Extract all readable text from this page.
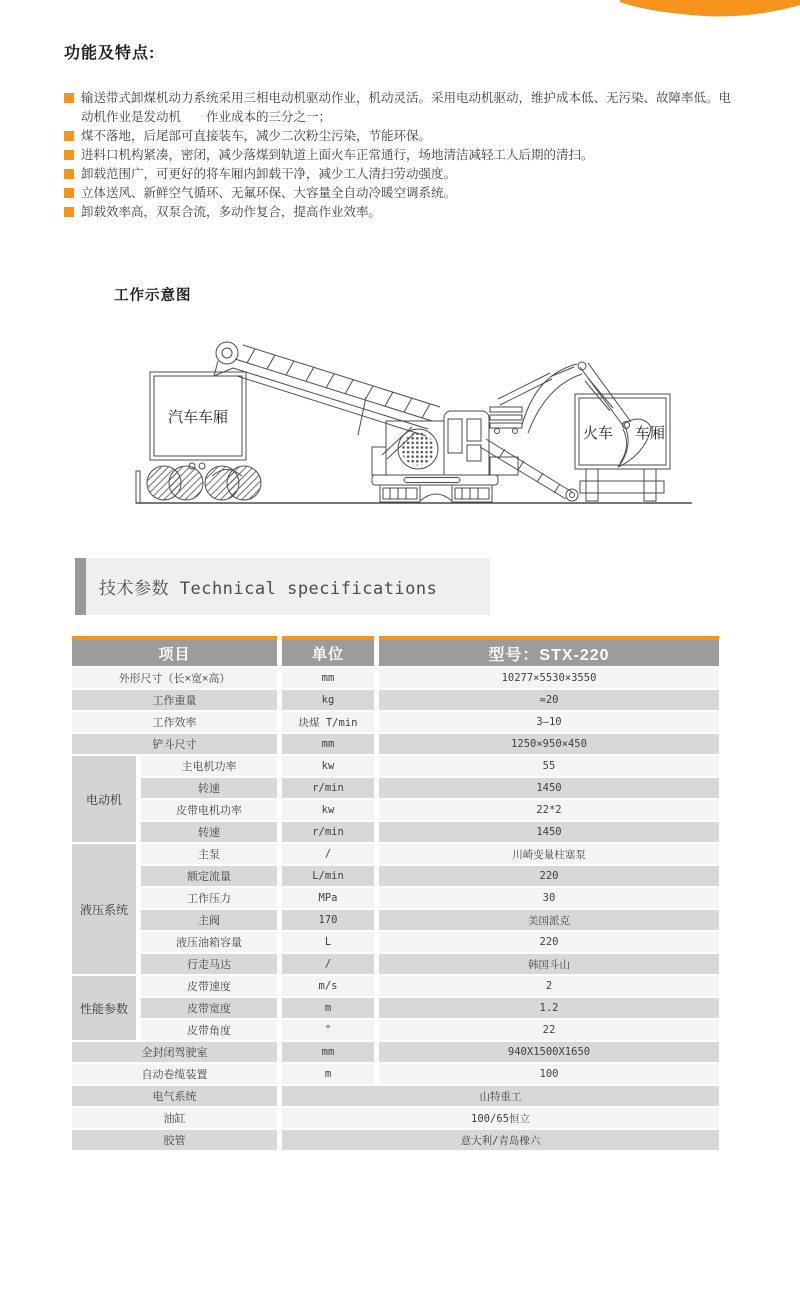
功能及特点:
输送带式卸煤机动力系统采用三相电动机驱动作业，机动灵活。采用电动机驱动，维护成本低、无污染、故障率低。电动机作业是发动机　　作业成本的三分之一；
煤不落地，后尾部可直接装车，减少二次粉尘污染，节能环保。
进料口机构紧凑，密闭，减少落煤到轨道上面火车正常通行，场地清洁减轻工人后期的清扫。
卸载范围广，可更好的将车厢内卸载干净，减少工人清扫劳动强度。
立体送风、新鲜空气循环、无氟环保、大容量全自动冷暖空调系统。
卸载效率高，双泵合流，多动作复合，提高作业效率。
工作示意图
汽车车厢
火车 车厢
技术参数 Technical specifications
项目		单位	型号：STX-220
外形尺寸（长×宽×高）		mm	10277×5530×3550
工作重量		kg	≈20
工作效率		块煤 T/min	3—10
铲斗尺寸		mm	1250×950×450
电动机	主电机功率	kw	55
	转速	r/min	1450
	皮带电机功率	kw	22*2
	转速	r/min	1450
液压系统	主泵	/	川崎变量柱塞泵
	额定流量	L/min	220
	工作压力	MPa	30
	主阀	170	美国派克
	液压油箱容量	L	220
	行走马达	/	韩国斗山
性能参数	皮带速度	m/s	2
	皮带宽度	m	1.2
	皮带角度	°	22
全封闭驾驶室		mm	940X1500X1650
自动卷缆装置		m	100
电气系统		山特重工	
油缸		100/65恒立	
胶管		意大利/青岛橡六	
